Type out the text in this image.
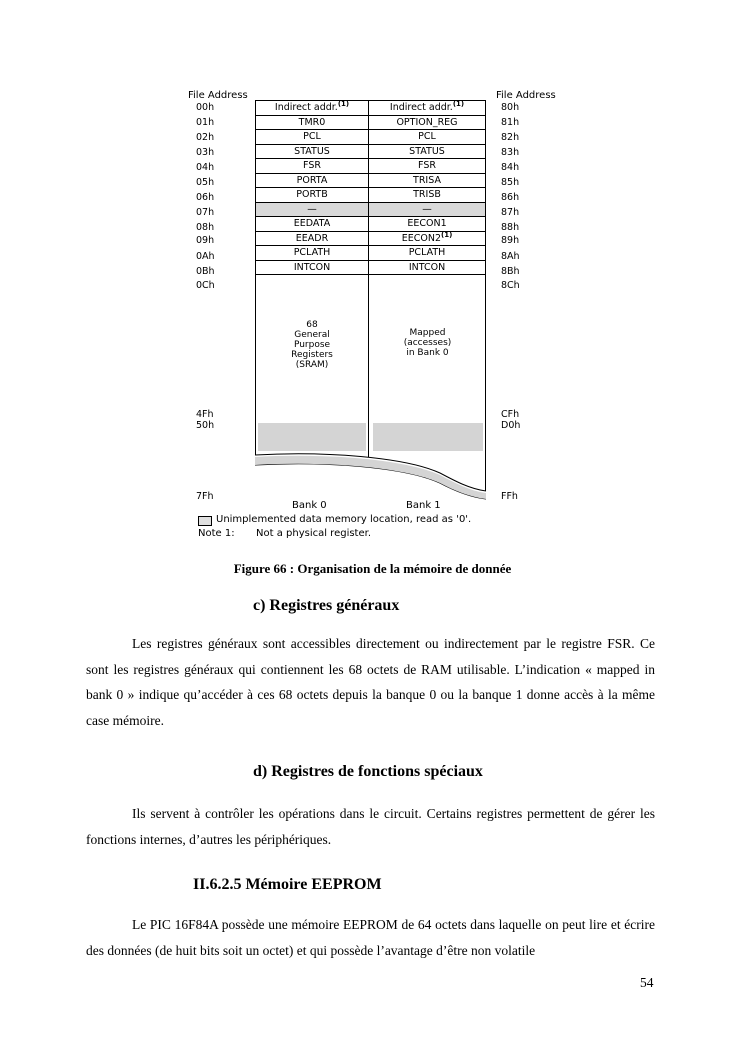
File Address	File Address
00h
01h
02h
03h
04h
05h
06h
07h
08h
09h
0Ah
0Bh
0Ch
4Fh
50h
7Fh
80h
81h
82h
83h
84h
85h
86h
87h
88h
89h
8Ah
8Bh
8Ch
CFh
D0h
FFh
Indirect addr.$^{(1)}$
TMR0
PCL
STATUS
FSR
PORTA
PORTB
—
EEDATA
EEADR
PCLATH
INTCON
Indirect addr.$^{(1)}$
OPTION_REG
PCL
STATUS
FSR
TRISA
TRISB
—
EECON1
EECON2$^{(1)}$
PCLATH
INTCON
68
General
Purpose
Registers
(SRAM)
Mapped
(accesses)
in Bank 0
Bank 0	Bank 1
Unimplemented data memory location, read as '0'.
Note 1: Not a physical register.
Figure 66 : Organisation de la mémoire de donnée
c) Registres généraux
Les registres généraux sont accessibles directement ou indirectement par le registre FSR. Ce sont les registres généraux qui contiennent les 68 octets de RAM utilisable. L’indication « mapped in bank 0 » indique qu’accéder à ces 68 octets depuis la banque 0 ou la banque 1 donne accès à la même case mémoire.
d) Registres de fonctions spéciaux
Ils servent à contrôler les opérations dans le circuit. Certains registres permettent de gérer les fonctions internes, d’autres les périphériques.
II.6.2.5 Mémoire EEPROM
Le PIC 16F84A possède une mémoire EEPROM de 64 octets dans laquelle on peut lire et écrire des données (de huit bits soit un octet) et qui possède l’avantage d’être non volatile
54
